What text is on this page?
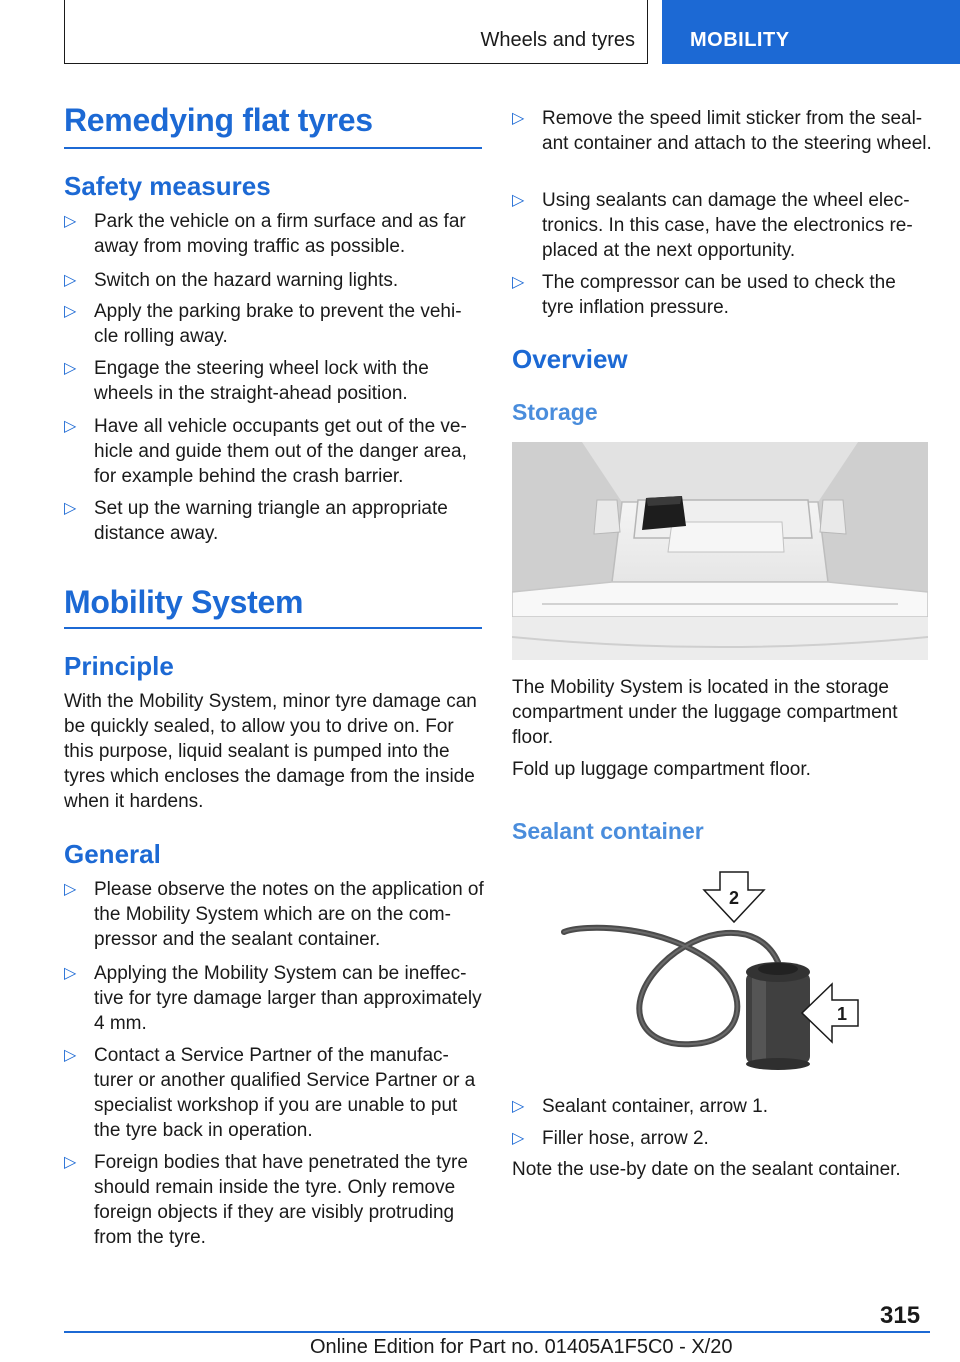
Wheels and tyres	MOBILITY
Remedying flat tyres
Safety measures
▷ Park the vehicle on a firm surface and as far away from moving traffic as possible.
▷ Switch on the hazard warning lights.
▷ Apply the parking brake to prevent the vehi-cle rolling away.
▷ Engage the steering wheel lock with the wheels in the straight-ahead position.
▷ Have all vehicle occupants get out of the ve-hicle and guide them out of the danger area, for example behind the crash barrier.
▷ Set up the warning triangle an appropriate distance away.
Mobility System
Principle
With the Mobility System, minor tyre damage can be quickly sealed, to allow you to drive on. For this purpose, liquid sealant is pumped into the tyres which encloses the damage from the inside when it hardens.
General
▷ Please observe the notes on the application of the Mobility System which are on the com-pressor and the sealant container.
▷ Applying the Mobility System can be ineffec-tive for tyre damage larger than approximately 4 mm.
▷ Contact a Service Partner of the manufac-turer or another qualified Service Partner or a specialist workshop if you are unable to put the tyre back in operation.
▷ Foreign bodies that have penetrated the tyre should remain inside the tyre. Only remove foreign objects if they are visibly protruding from the tyre.
▷ Remove the speed limit sticker from the seal-ant container and attach to the steering wheel.
▷ Using sealants can damage the wheel elec-tronics. In this case, have the electronics re-placed at the next opportunity.
▷ The compressor can be used to check the tyre inflation pressure.
Overview
Storage
The Mobility System is located in the storage compartment under the luggage compartment floor.
Fold up luggage compartment floor.
Sealant container
2
1
▷ Sealant container, arrow 1.
▷ Filler hose, arrow 2.
Note the use-by date on the sealant container.
315
Online Edition for Part no. 01405A1F5C0 - X/20
